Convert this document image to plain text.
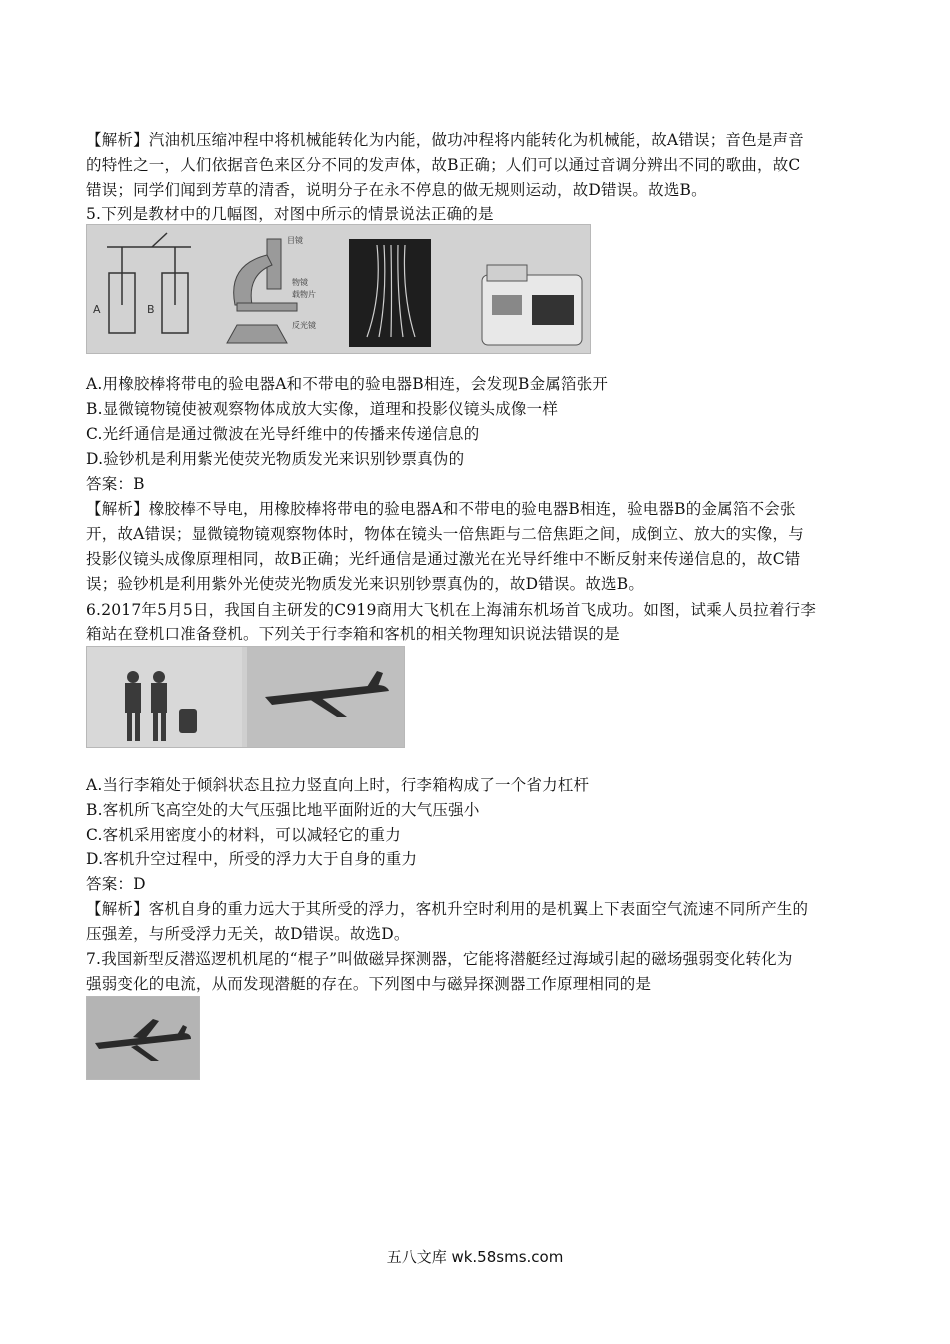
【解析】汽油机压缩冲程中将机械能转化为内能，做功冲程将内能转化为机械能，故A错误；音色是声音
的特性之一，人们依据音色来区分不同的发声体，故B正确；人们可以通过音调分辨出不同的歌曲，故C
错误；同学们闻到芳草的清香，说明分子在永不停息的做无规则运动，故D错误。故选B。
5.下列是教材中的几幅图，对图中所示的情景说法正确的是
A	B
目镜
物镜
载物片
反光镜
A.用橡胶棒将带电的验电器A和不带电的验电器B相连，会发现B金属箔张开
B.显微镜物镜使被观察物体成放大实像，道理和投影仪镜头成像一样
C.光纤通信是通过微波在光导纤维中的传播来传递信息的
D.验钞机是利用紫光使荧光物质发光来识别钞票真伪的
答案：B
【解析】橡胶棒不导电，用橡胶棒将带电的验电器A和不带电的验电器B相连，验电器B的金属箔不会张
开，故A错误；显微镜物镜观察物体时，物体在镜头一倍焦距与二倍焦距之间，成倒立、放大的实像，与
投影仪镜头成像原理相同，故B正确；光纤通信是通过激光在光导纤维中不断反射来传递信息的，故C错
误；验钞机是利用紫外光使荧光物质发光来识别钞票真伪的，故D错误。故选B。
6.2017年5月5日，我国自主研发的C919商用大飞机在上海浦东机场首飞成功。如图，试乘人员拉着行李
箱站在登机口准备登机。下列关于行李箱和客机的相关物理知识说法错误的是
A.当行李箱处于倾斜状态且拉力竖直向上时，行李箱构成了一个省力杠杆
B.客机所飞高空处的大气压强比地平面附近的大气压强小
C.客机采用密度小的材料，可以减轻它的重力
D.客机升空过程中，所受的浮力大于自身的重力
答案：D
【解析】客机自身的重力远大于其所受的浮力，客机升空时利用的是机翼上下表面空气流速不同所产生的
压强差，与所受浮力无关，故D错误。故选D。
7.我国新型反潜巡逻机机尾的“棍子”叫做磁异探测器，它能将潜艇经过海域引起的磁场强弱变化转化为
强弱变化的电流，从而发现潜艇的存在。下列图中与磁异探测器工作原理相同的是
五八文库 wk.58sms.com
